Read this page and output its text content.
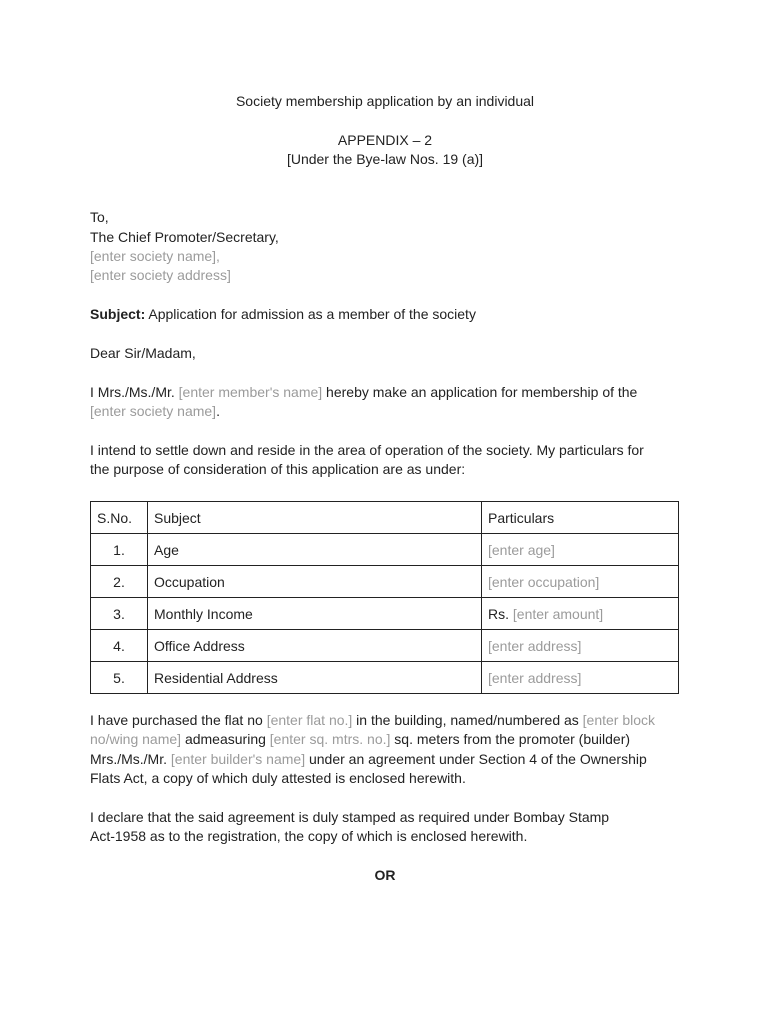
Society membership application by an individual
APPENDIX – 2
[Under the Bye-law Nos. 19 (a)]
To,
The Chief Promoter/Secretary,
[enter society name],
[enter society address]
Subject: Application for admission as a member of the society
Dear Sir/Madam,
I Mrs./Ms./Mr. [enter member's name] hereby make an application for membership of the
[enter society name].
I intend to settle down and reside in the area of operation of the society. My particulars for
the purpose of consideration of this application are as under:
S.No.	Subject	Particulars
1.	Age	[enter age]
2.	Occupation	[enter occupation]
3.	Monthly Income	Rs. [enter amount]
4.	Office Address	[enter address]
5.	Residential Address	[enter address]
I have purchased the flat no [enter flat no.] in the building, named/numbered as [enter block
no/wing name] admeasuring [enter sq. mtrs. no.] sq. meters from the promoter (builder)
Mrs./Ms./Mr. [enter builder's name] under an agreement under Section 4 of the Ownership
Flats Act, a copy of which duly attested is enclosed herewith.
I declare that the said agreement is duly stamped as required under Bombay Stamp
Act-1958 as to the registration, the copy of which is enclosed herewith.
OR
